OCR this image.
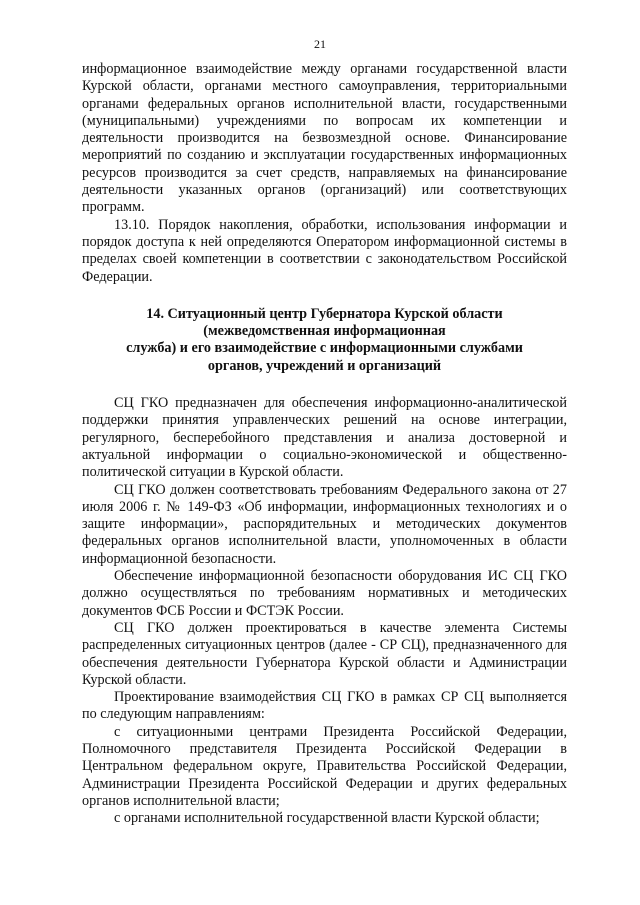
21

информационное взаимодействие между органами государственной власти Курской области, органами местного самоуправления, территориальными органами федеральных органов исполнительной власти, государственными (муниципальными) учреждениями по вопросам их компетенции и деятельности производится на безвозмездной основе. Финансирование мероприятий по созданию и эксплуатации государственных информационных ресурсов производится за счет средств, направляемых на финансирование деятельности указанных органов (организаций) или соответствующих программ.

13.10. Порядок накопления, обработки, использования информации и порядок доступа к ней определяются Оператором информационной системы в пределах своей компетенции в соответствии с законодательством Российской Федерации.

14. Ситуационный центр Губернатора Курской области
(межведомственная информационная
служба) и его взаимодействие с информационными службами
органов, учреждений и организаций

СЦ ГКО предназначен для обеспечения информационно-аналитической поддержки принятия управленческих решений на основе интеграции, регулярного, бесперебойного представления и анализа достоверной и актуальной информации о социально-экономической и общественно-политической ситуации в Курской области.

СЦ ГКО должен соответствовать требованиям Федерального закона от 27 июля 2006 г. № 149-ФЗ «Об информации, информационных технологиях и о защите информации», распорядительных и методических документов федеральных органов исполнительной власти, уполномоченных в области информационной безопасности.

Обеспечение информационной безопасности оборудования ИС СЦ ГКО должно осуществляться по требованиям нормативных и методических документов ФСБ России и ФСТЭК России.

СЦ ГКО должен проектироваться в качестве элемента Системы распределенных ситуационных центров (далее - СР СЦ), предназначенного для обеспечения деятельности Губернатора Курской области и Администрации Курской области.

Проектирование взаимодействия СЦ ГКО в рамках СР СЦ выполняется по следующим направлениям:

с ситуационными центрами Президента Российской Федерации, Полномочного представителя Президента Российской Федерации в Центральном федеральном округе, Правительства Российской Федерации, Администрации Президента Российской Федерации и других федеральных органов исполнительной власти;

с органами исполнительной государственной власти Курской области;
